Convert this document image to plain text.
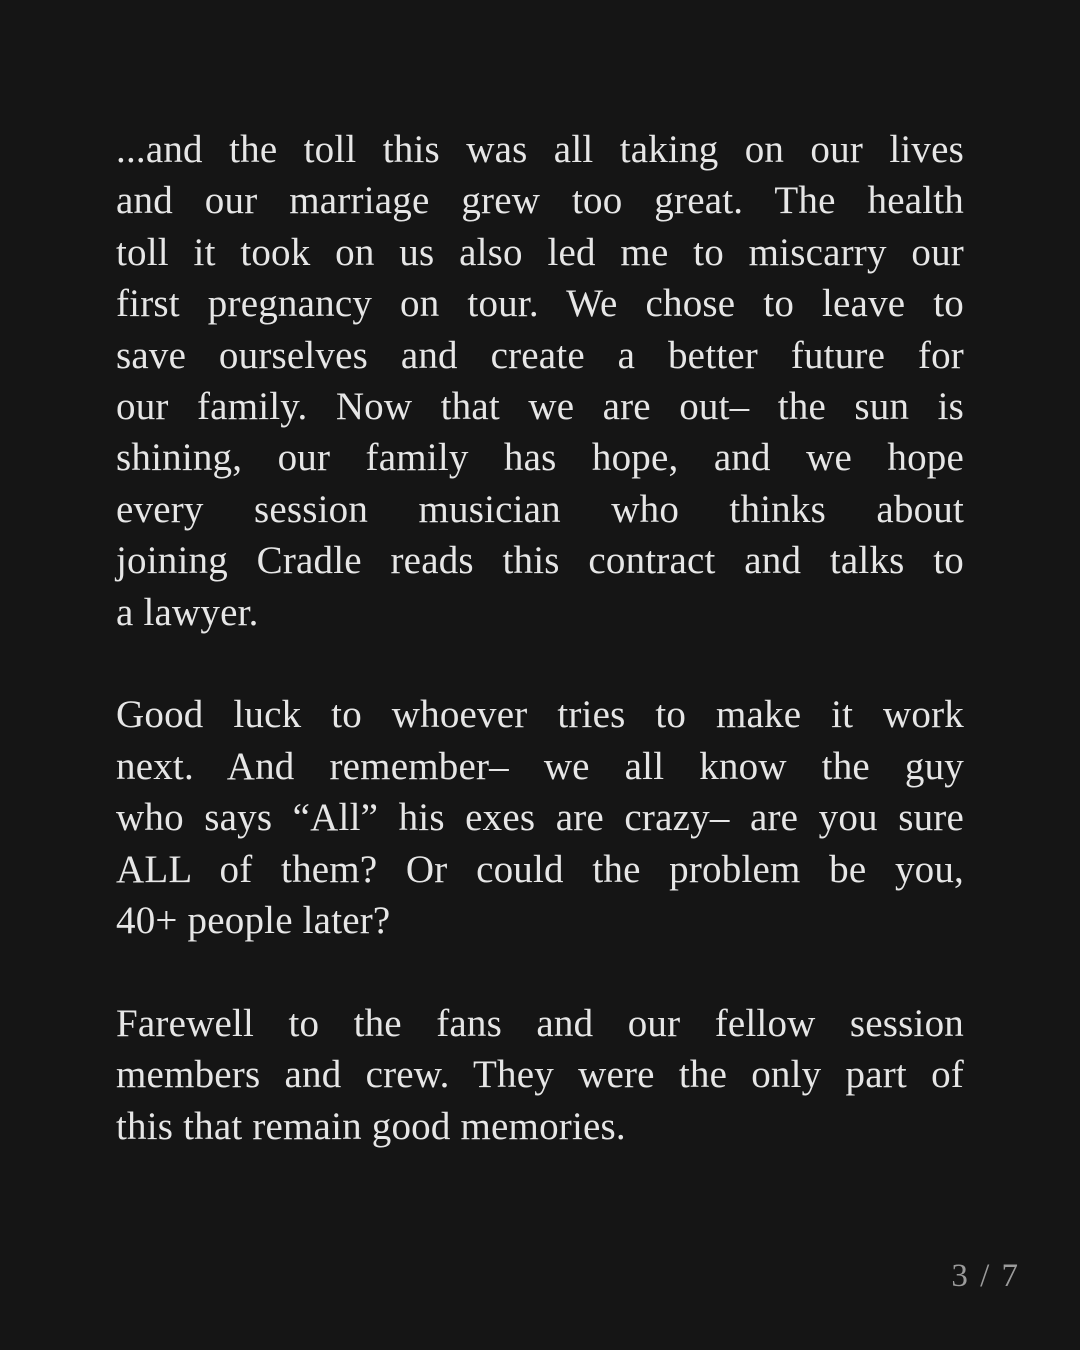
...and the toll this was all taking on our lives
and our marriage grew too great. The health
toll it took on us also led me to miscarry our
first pregnancy on tour. We chose to leave to
save ourselves and create a better future for
our family. Now that we are out– the sun is
shining, our family has hope, and we hope
every session musician who thinks about
joining Cradle reads this contract and talks to
a lawyer.

Good luck to whoever tries to make it work
next. And remember– we all know the guy
who says “All” his exes are crazy– are you sure
ALL of them? Or could the problem be you,
40+ people later?

Farewell to the fans and our fellow session
members and crew. They were the only part of
this that remain good memories.

3 / 7
